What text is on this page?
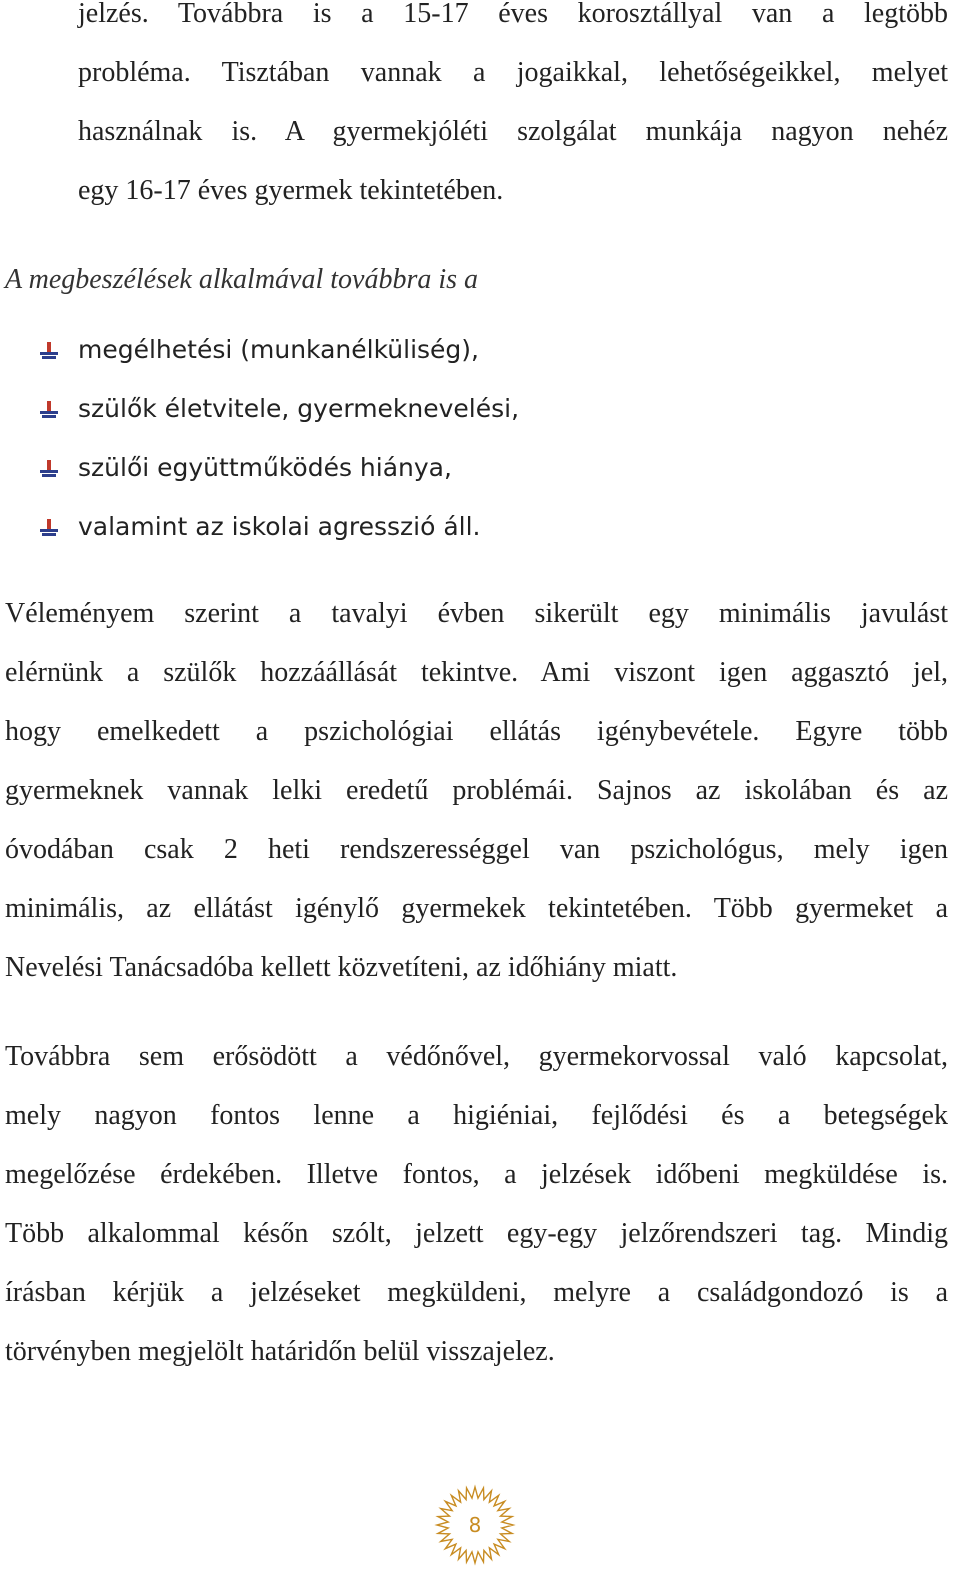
jelzés. Továbbra is a 15-17 éves korosztállyal van a legtöbb
probléma. Tisztában vannak a jogaikkal, lehetőségeikkel, melyet
használnak is. A gyermekjóléti szolgálat munkája nagyon nehéz
egy 16-17 éves gyermek tekintetében.
A megbeszélések alkalmával továbbra is a
megélhetési (munkanélküliség),
szülők életvitele, gyermeknevelési,
szülői együttműködés hiánya,
valamint az iskolai agresszió áll.
Véleményem szerint a tavalyi évben sikerült egy minimális javulást
elérnünk a szülők hozzáállását tekintve. Ami viszont igen aggasztó jel,
hogy emelkedett a pszichológiai ellátás igénybevétele. Egyre több
gyermeknek vannak lelki eredetű problémái. Sajnos az iskolában és az
óvodában csak 2 heti rendszerességgel van pszichológus, mely igen
minimális, az ellátást igénylő gyermekek tekintetében. Több gyermeket a
Nevelési Tanácsadóba kellett közvetíteni, az időhiány miatt.
Továbbra sem erősödött a védőnővel, gyermekorvossal való kapcsolat,
mely nagyon fontos lenne a higiéniai, fejlődési és a betegségek
megelőzése érdekében. Illetve fontos, a jelzések időbeni megküldése is.
Több alkalommal későn szólt, jelzett egy-egy jelzőrendszeri tag. Mindig
írásban kérjük a jelzéseket megküldeni, melyre a családgondozó is a
törvényben megjelölt határidőn belül visszajelez.
8
